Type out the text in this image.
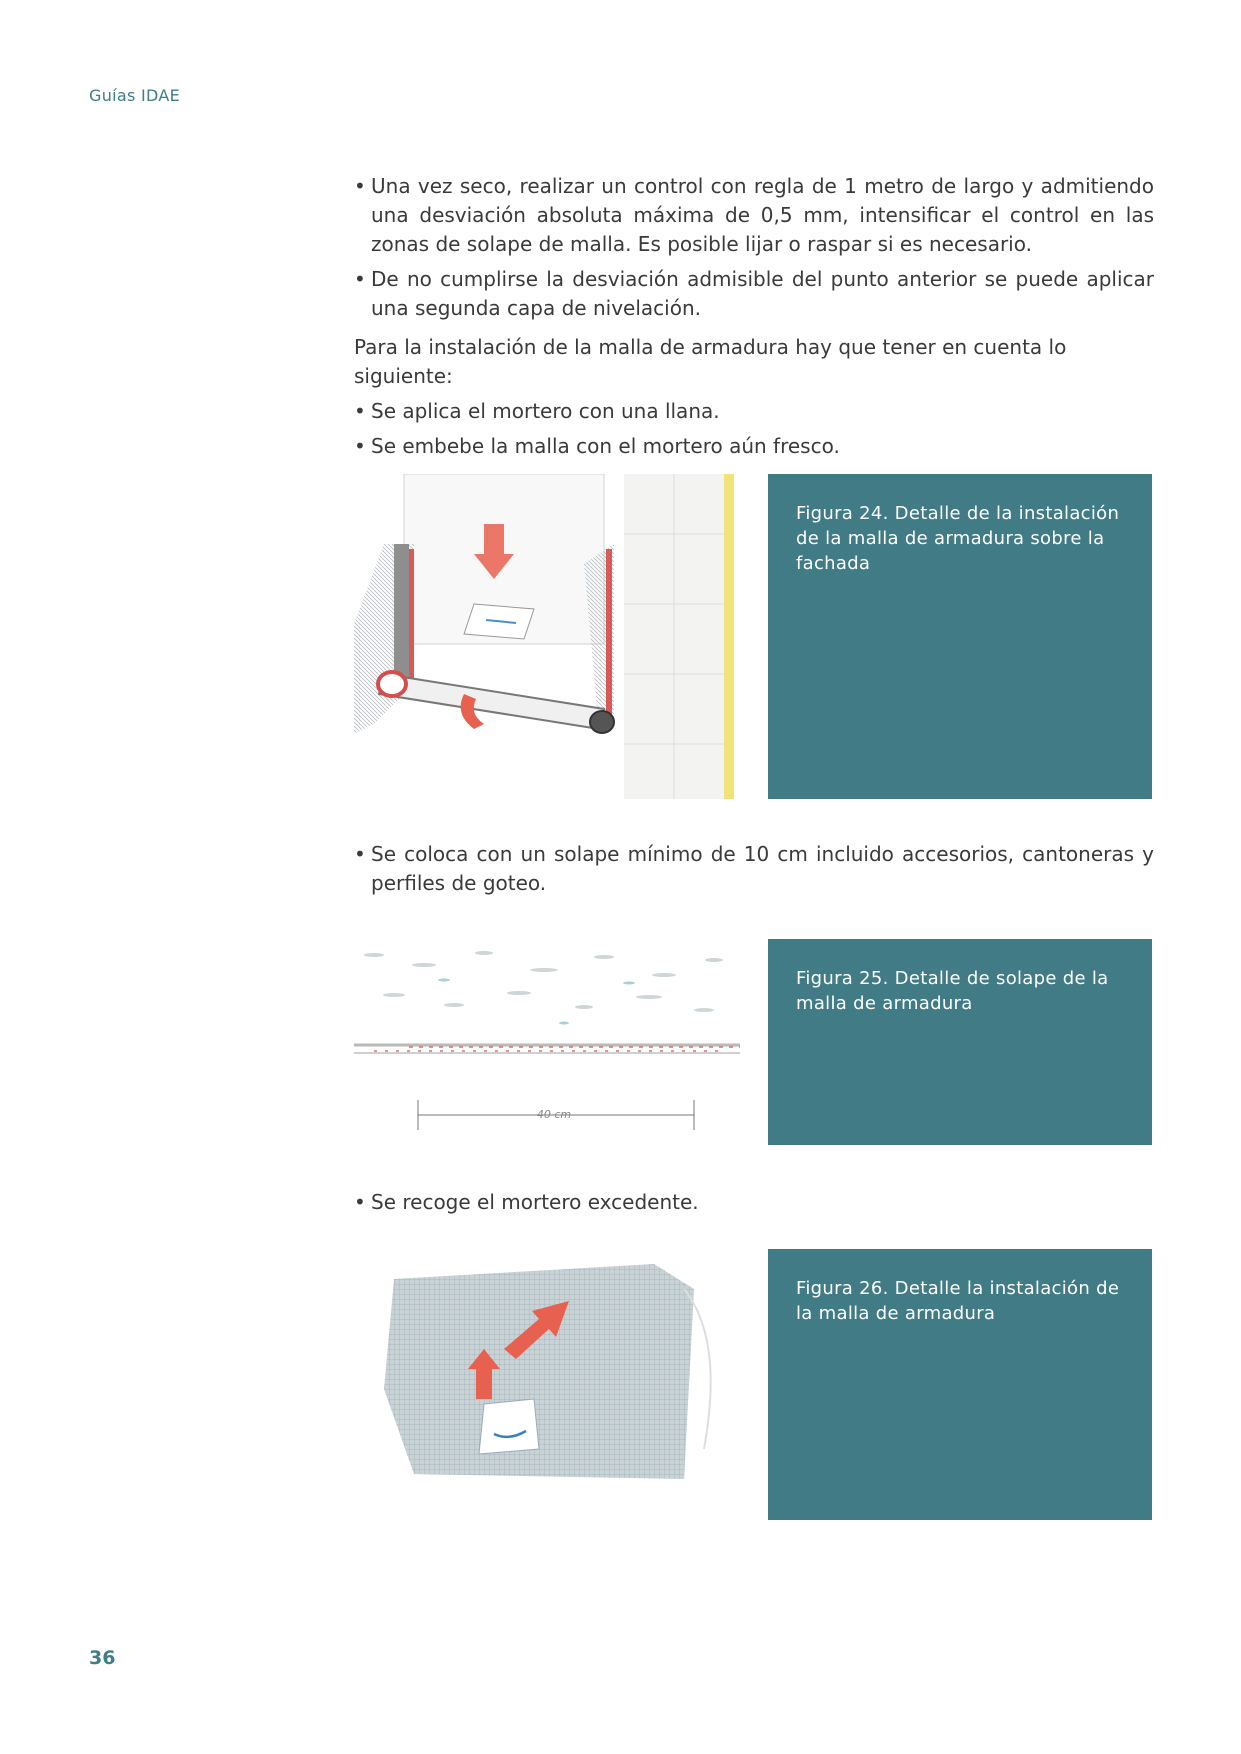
Guías IDAE
• Una vez seco, realizar un control con regla de 1 metro de largo y admitiendo una desviación absoluta máxima de 0,5 mm, intensificar el control en las zonas de solape de malla. Es posible lijar o raspar si es necesario.
• De no cumplirse la desviación admisible del punto anterior se puede aplicar una segunda capa de nivelación.
Para la instalación de la malla de armadura hay que tener en cuenta lo siguiente:
• Se aplica el mortero con una llana.
• Se embebe la malla con el mortero aún fresco.
Figura 24. Detalle de la instalación de la malla de armadura sobre la fachada
• Se coloca con un solape mínimo de 10 cm incluido accesorios, cantoneras y perfiles de goteo.
40 cm
Figura 25. Detalle de solape de la malla de armadura
• Se recoge el mortero excedente.
Figura 26. Detalle la instalación de la malla de armadura
36
